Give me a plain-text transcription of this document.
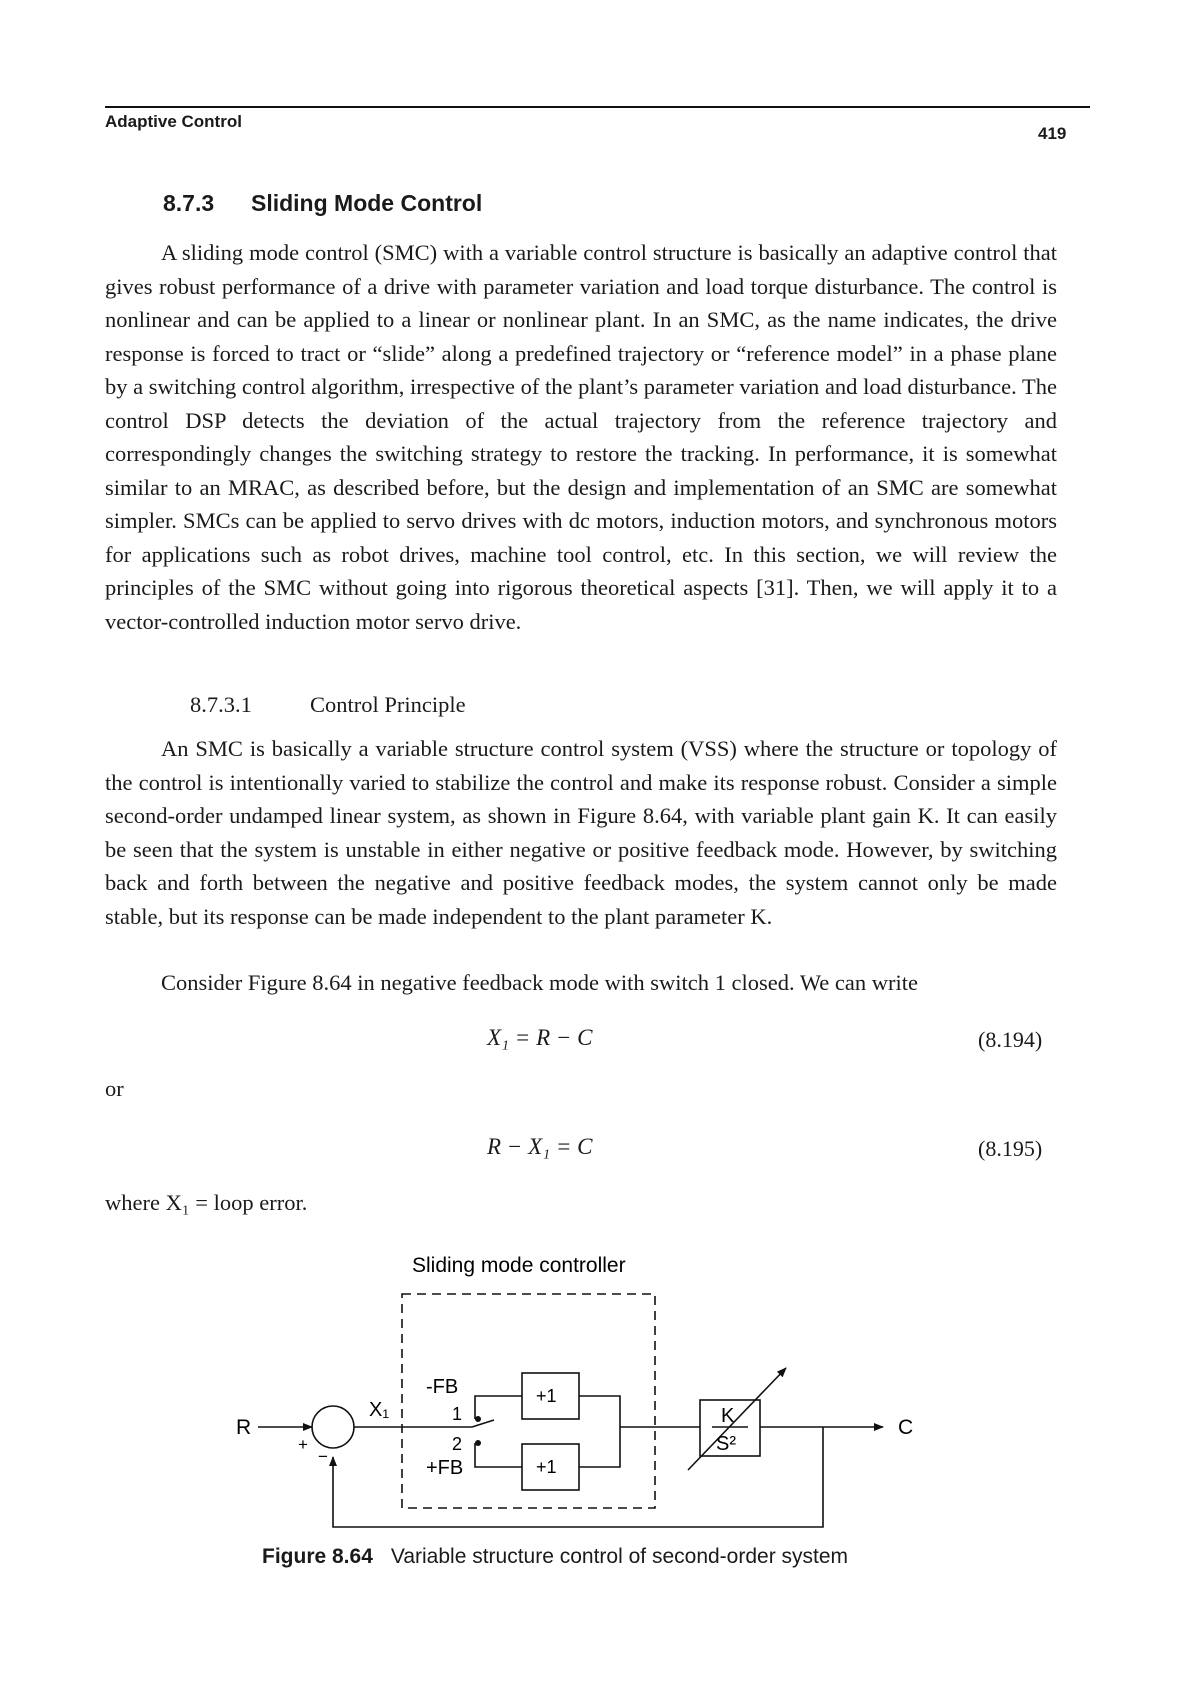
Adaptive Control
419
8.7.3 Sliding Mode Control

A sliding mode control (SMC) with a variable control structure is basically an adaptive control that gives robust performance of a drive with parameter variation and load torque disturbance. The control is nonlinear and can be applied to a linear or nonlinear plant. In an SMC, as the name indicates, the drive response is forced to tract or “slide” along a predefined trajectory or “reference model” in a phase plane by a switching control algorithm, irrespective of the plant’s parameter variation and load disturbance. The control DSP detects the deviation of the actual trajectory from the reference trajectory and correspondingly changes the switching strategy to restore the tracking. In performance, it is somewhat similar to an MRAC, as described before, but the design and implementation of an SMC are somewhat simpler. SMCs can be applied to servo drives with dc motors, induction motors, and synchronous motors for applications such as robot drives, machine tool control, etc. In this section, we will review the principles of the SMC without going into rigorous theoretical aspects [31]. Then, we will apply it to a vector-controlled induction motor servo drive.

8.7.3.1	Control Principle

An SMC is basically a variable structure control system (VSS) where the structure or topology of the control is intentionally varied to stabilize the control and make its response robust. Consider a simple second-order undamped linear system, as shown in Figure 8.64, with variable plant gain K. It can easily be seen that the system is unstable in either negative or positive feedback mode. However, by switching back and forth between the negative and positive feedback modes, the system cannot only be made stable, but its response can be made independent to the plant parameter K.

Consider Figure 8.64 in negative feedback mode with switch 1 closed. We can write

X₁ = R − C	(8.194)
or
R − X₁ = C	(8.195)
where X₁ = loop error.
Sliding mode controller
R	C
+
−
X₁
-FB
+FB
1
2
+1
+1
K
S²
Figure 8.64 Variable structure control of second-order system
